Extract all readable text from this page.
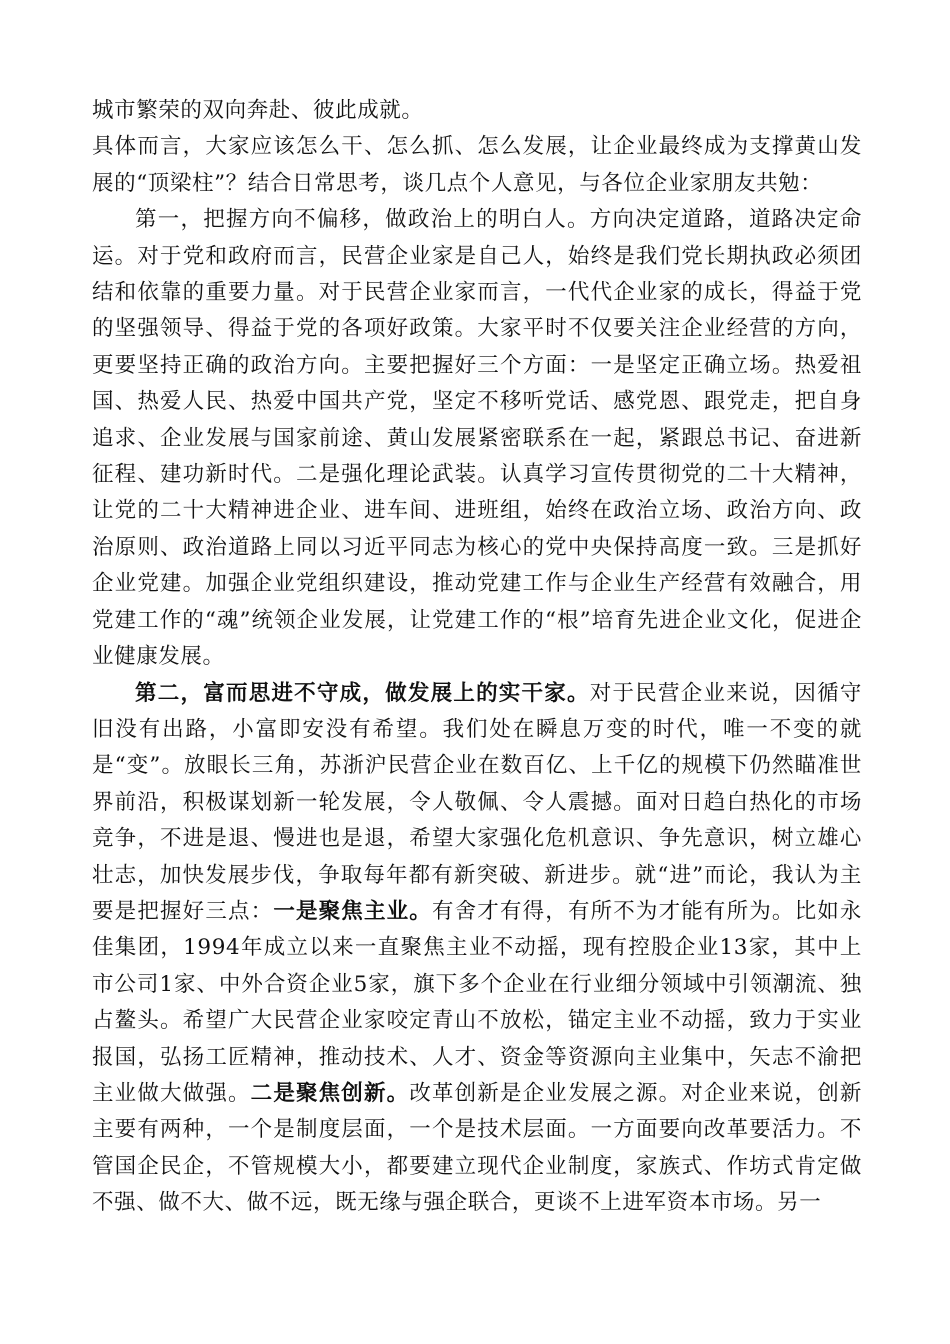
城市繁荣的双向奔赴、彼此成就。

具体而言，大家应该怎么干、怎么抓、怎么发展，让企业最终成为支撑黄山发展的“顶梁柱”？结合日常思考，谈几点个人意见，与各位企业家朋友共勉：

第一，把握方向不偏移，做政治上的明白人。方向决定道路，道路决定命运。对于党和政府而言，民营企业家是自己人，始终是我们党长期执政必须团结和依靠的重要力量。对于民营企业家而言，一代代企业家的成长，得益于党的坚强领导、得益于党的各项好政策。大家平时不仅要关注企业经营的方向，更要坚持正确的政治方向。主要把握好三个方面：一是坚定正确立场。热爱祖国、热爱人民、热爱中国共产党，坚定不移听党话、感党恩、跟党走，把自身追求、企业发展与国家前途、黄山发展紧密联系在一起，紧跟总书记、奋进新征程、建功新时代。二是强化理论武装。认真学习宣传贯彻党的二十大精神，让党的二十大精神进企业、进车间、进班组，始终在政治立场、政治方向、政治原则、政治道路上同以习近平同志为核心的党中央保持高度一致。三是抓好企业党建。加强企业党组织建设，推动党建工作与企业生产经营有效融合，用党建工作的“魂”统领企业发展，让党建工作的“根”培育先进企业文化，促进企业健康发展。

第二，富而思进不守成，做发展上的实干家。对于民营企业来说，因循守旧没有出路，小富即安没有希望。我们处在瞬息万变的时代，唯一不变的就是“变”。放眼长三角，苏浙沪民营企业在数百亿、上千亿的规模下仍然瞄准世界前沿，积极谋划新一轮发展，令人敬佩、令人震撼。面对日趋白热化的市场竞争，不进是退、慢进也是退，希望大家强化危机意识、争先意识，树立雄心壮志，加快发展步伐，争取每年都有新突破、新进步。就“进”而论，我认为主要是把握好三点：一是聚焦主业。有舍才有得，有所不为才能有所为。比如永佳集团，1994年成立以来一直聚焦主业不动摇，现有控股企业13家，其中上市公司1家、中外合资企业5家，旗下多个企业在行业细分领域中引领潮流、独占鳌头。希望广大民营企业家咬定青山不放松，锚定主业不动摇，致力于实业报国，弘扬工匠精神，推动技术、人才、资金等资源向主业集中，矢志不渝把主业做大做强。二是聚焦创新。改革创新是企业发展之源。对企业来说，创新主要有两种，一个是制度层面，一个是技术层面。一方面要向改革要活力。不管国企民企，不管规模大小，都要建立现代企业制度，家族式、作坊式肯定做不强、做不大、做不远，既无缘与强企联合，更谈不上进军资本市场。另一
